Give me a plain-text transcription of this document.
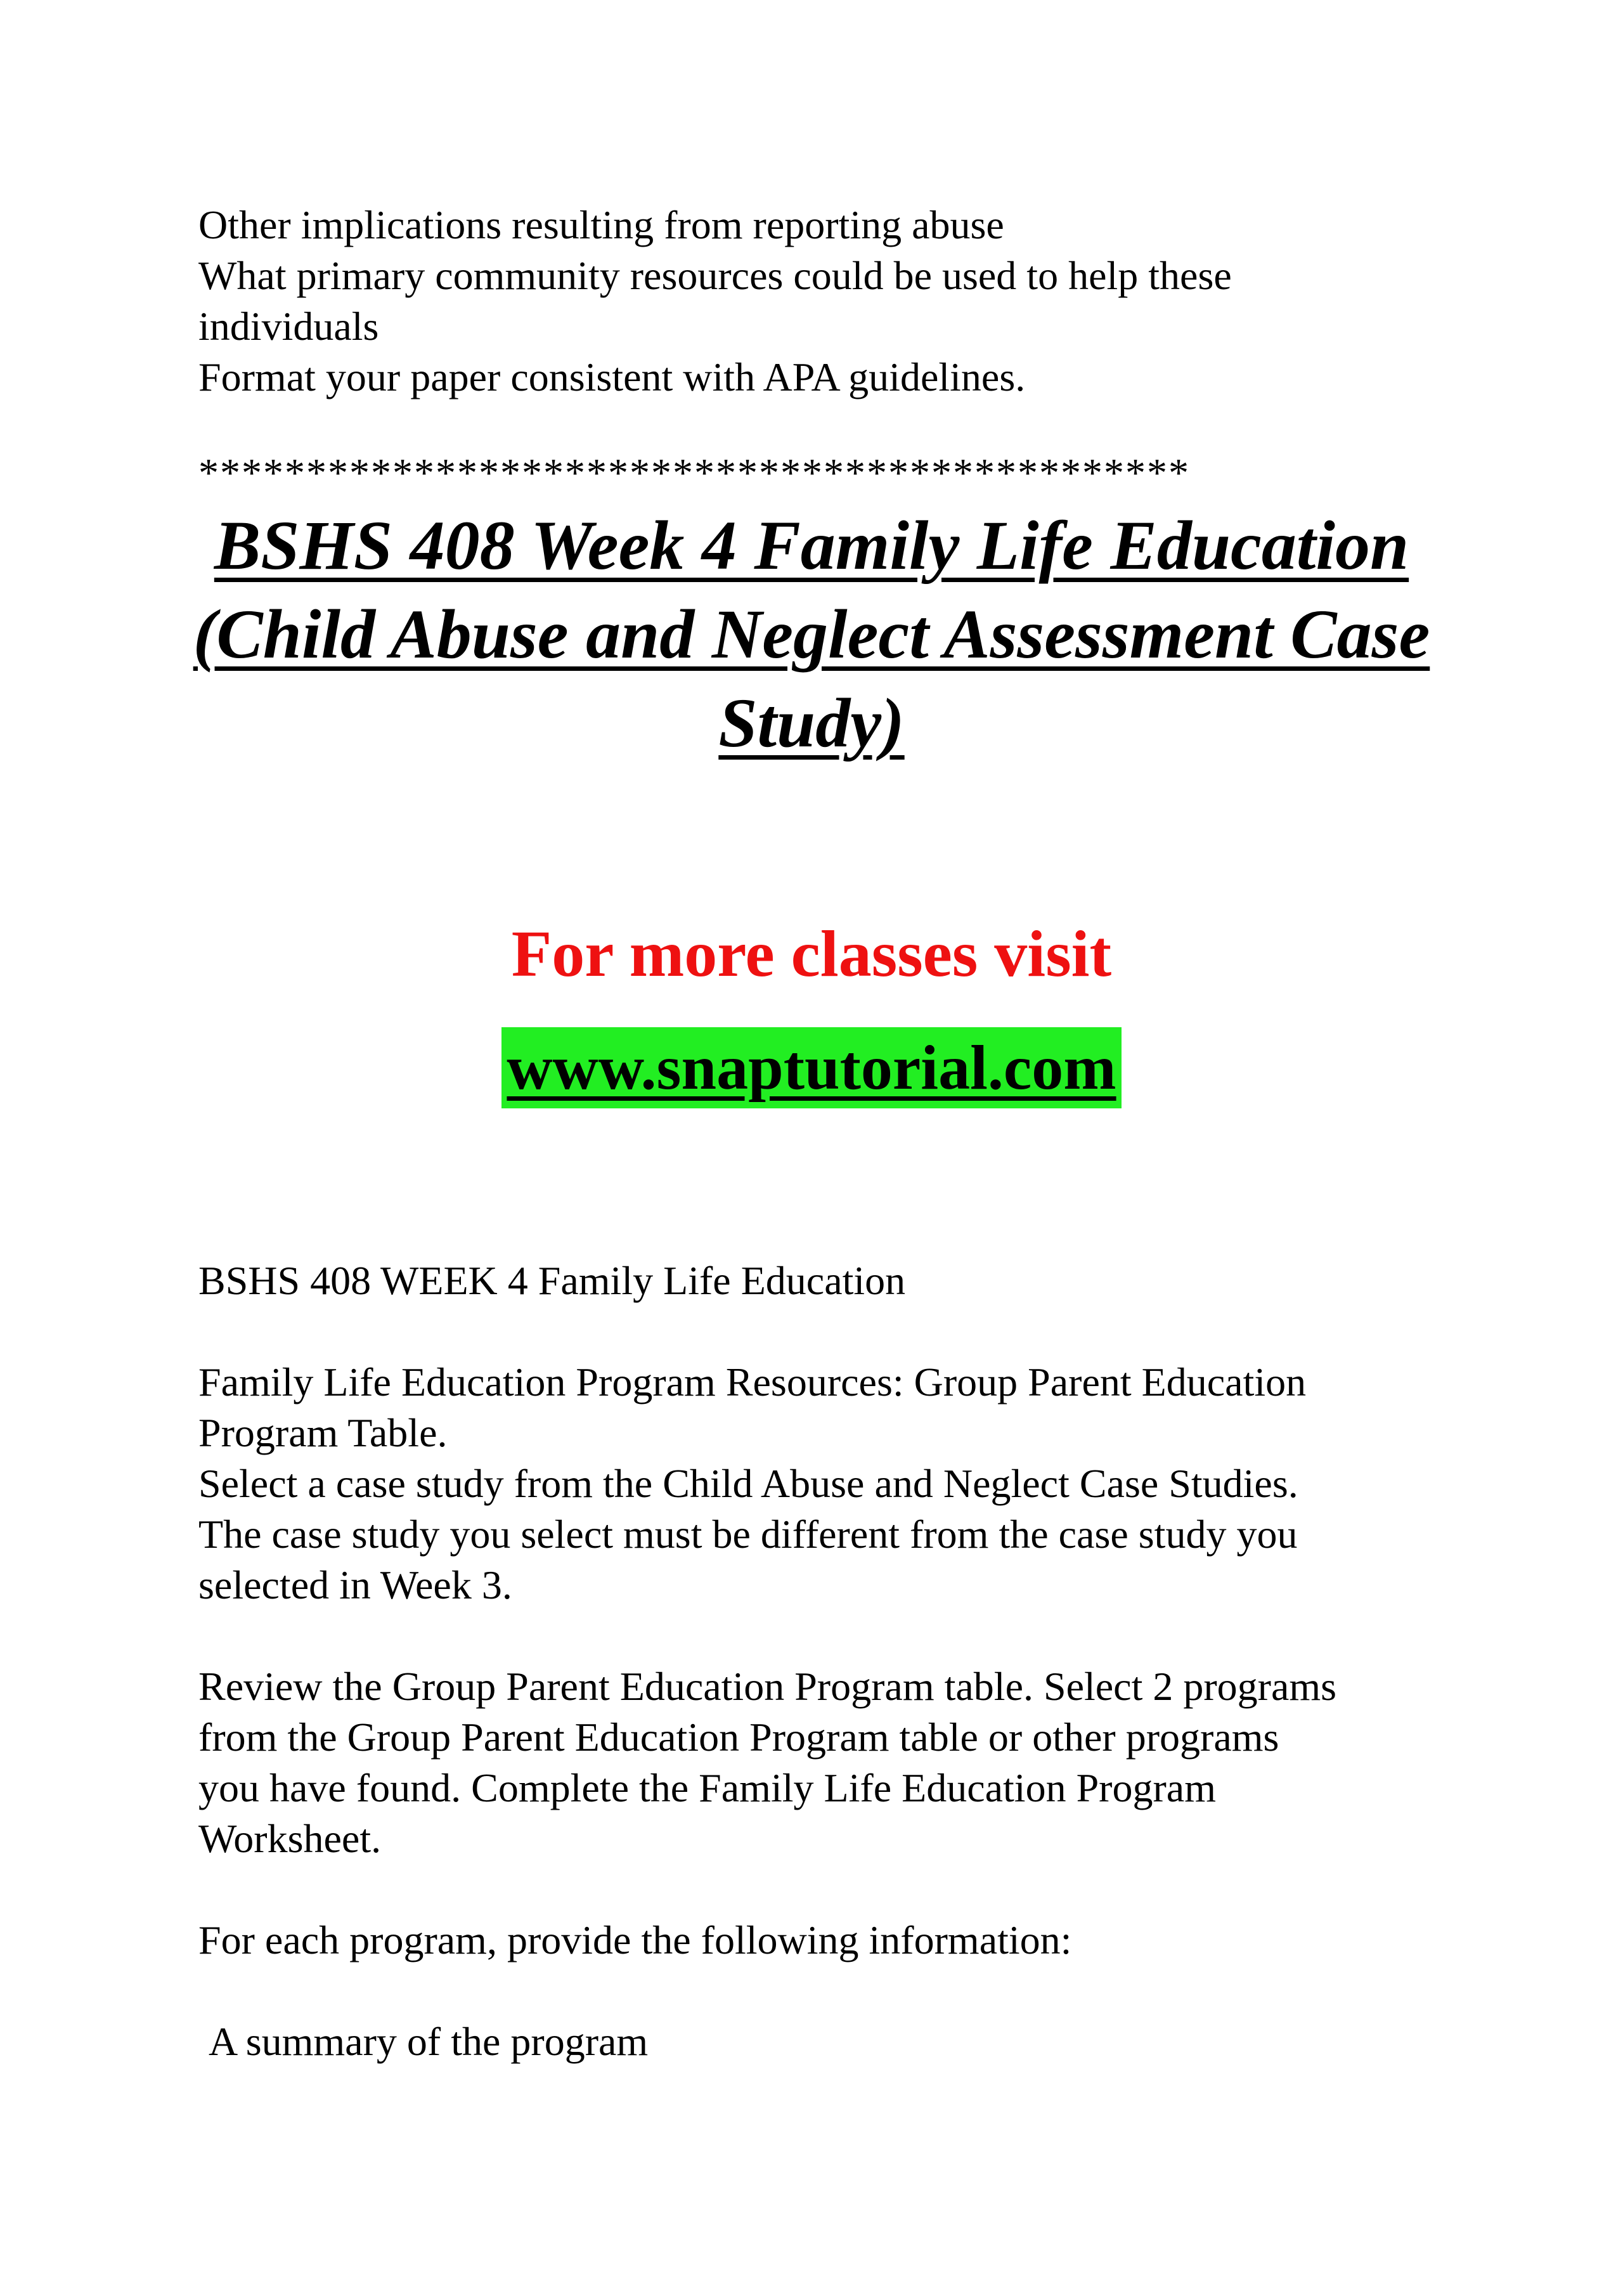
Other implications resulting from reporting abuse

What primary community resources could be used to help these

individuals

Format your paper consistent with APA guidelines.

**********************************************

BSHS 408 Week 4 Family Life Education
(Child Abuse and Neglect Assessment Case
Study)

For more classes visit

www.snaptutorial.com

BSHS 408 WEEK 4 Family Life Education

Family Life Education Program Resources: Group Parent Education

Program Table.

Select a case study from the Child Abuse and Neglect Case Studies.

The case study you select must be different from the case study you

selected in Week 3.

Review the Group Parent Education Program table. Select 2 programs

from the Group Parent Education Program table or other programs

you have found. Complete the Family Life Education Program

Worksheet.

For each program, provide the following information:

A summary of the program
